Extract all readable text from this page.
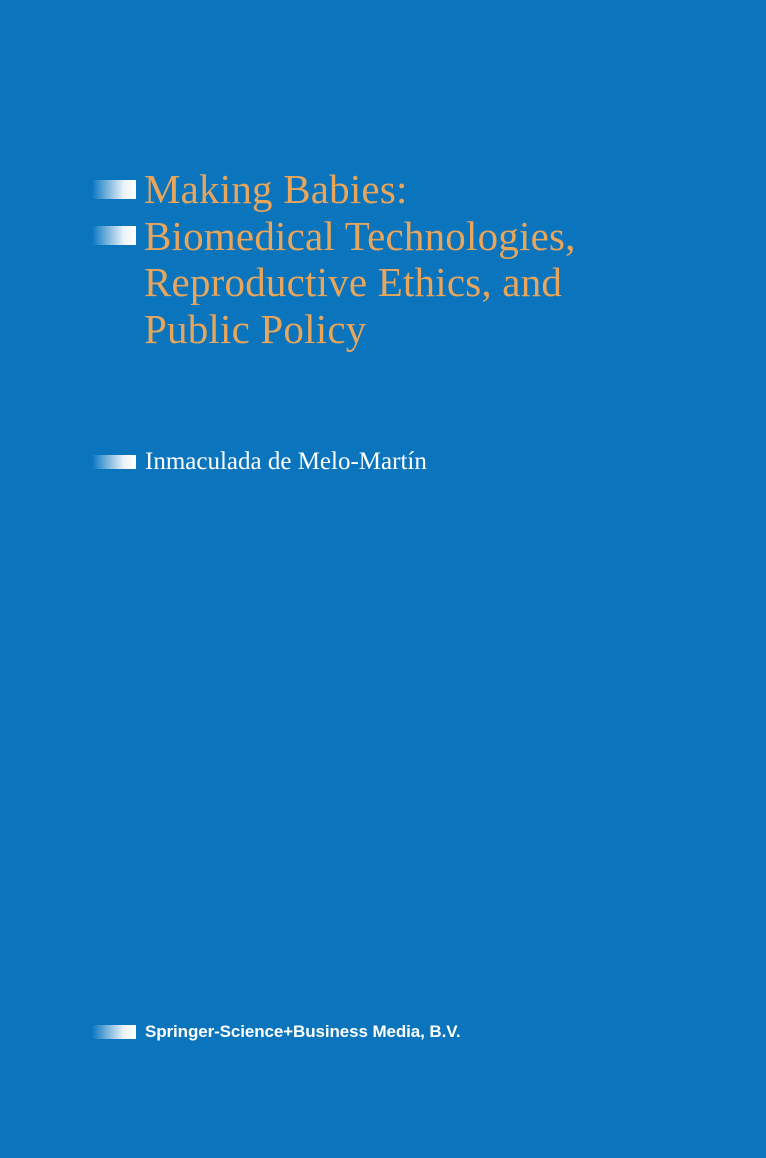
Making Babies:
Biomedical Technologies,
Reproductive Ethics, and
Public Policy
Inmaculada de Melo-Martín
Springer-Science+Business Media, B.V.
